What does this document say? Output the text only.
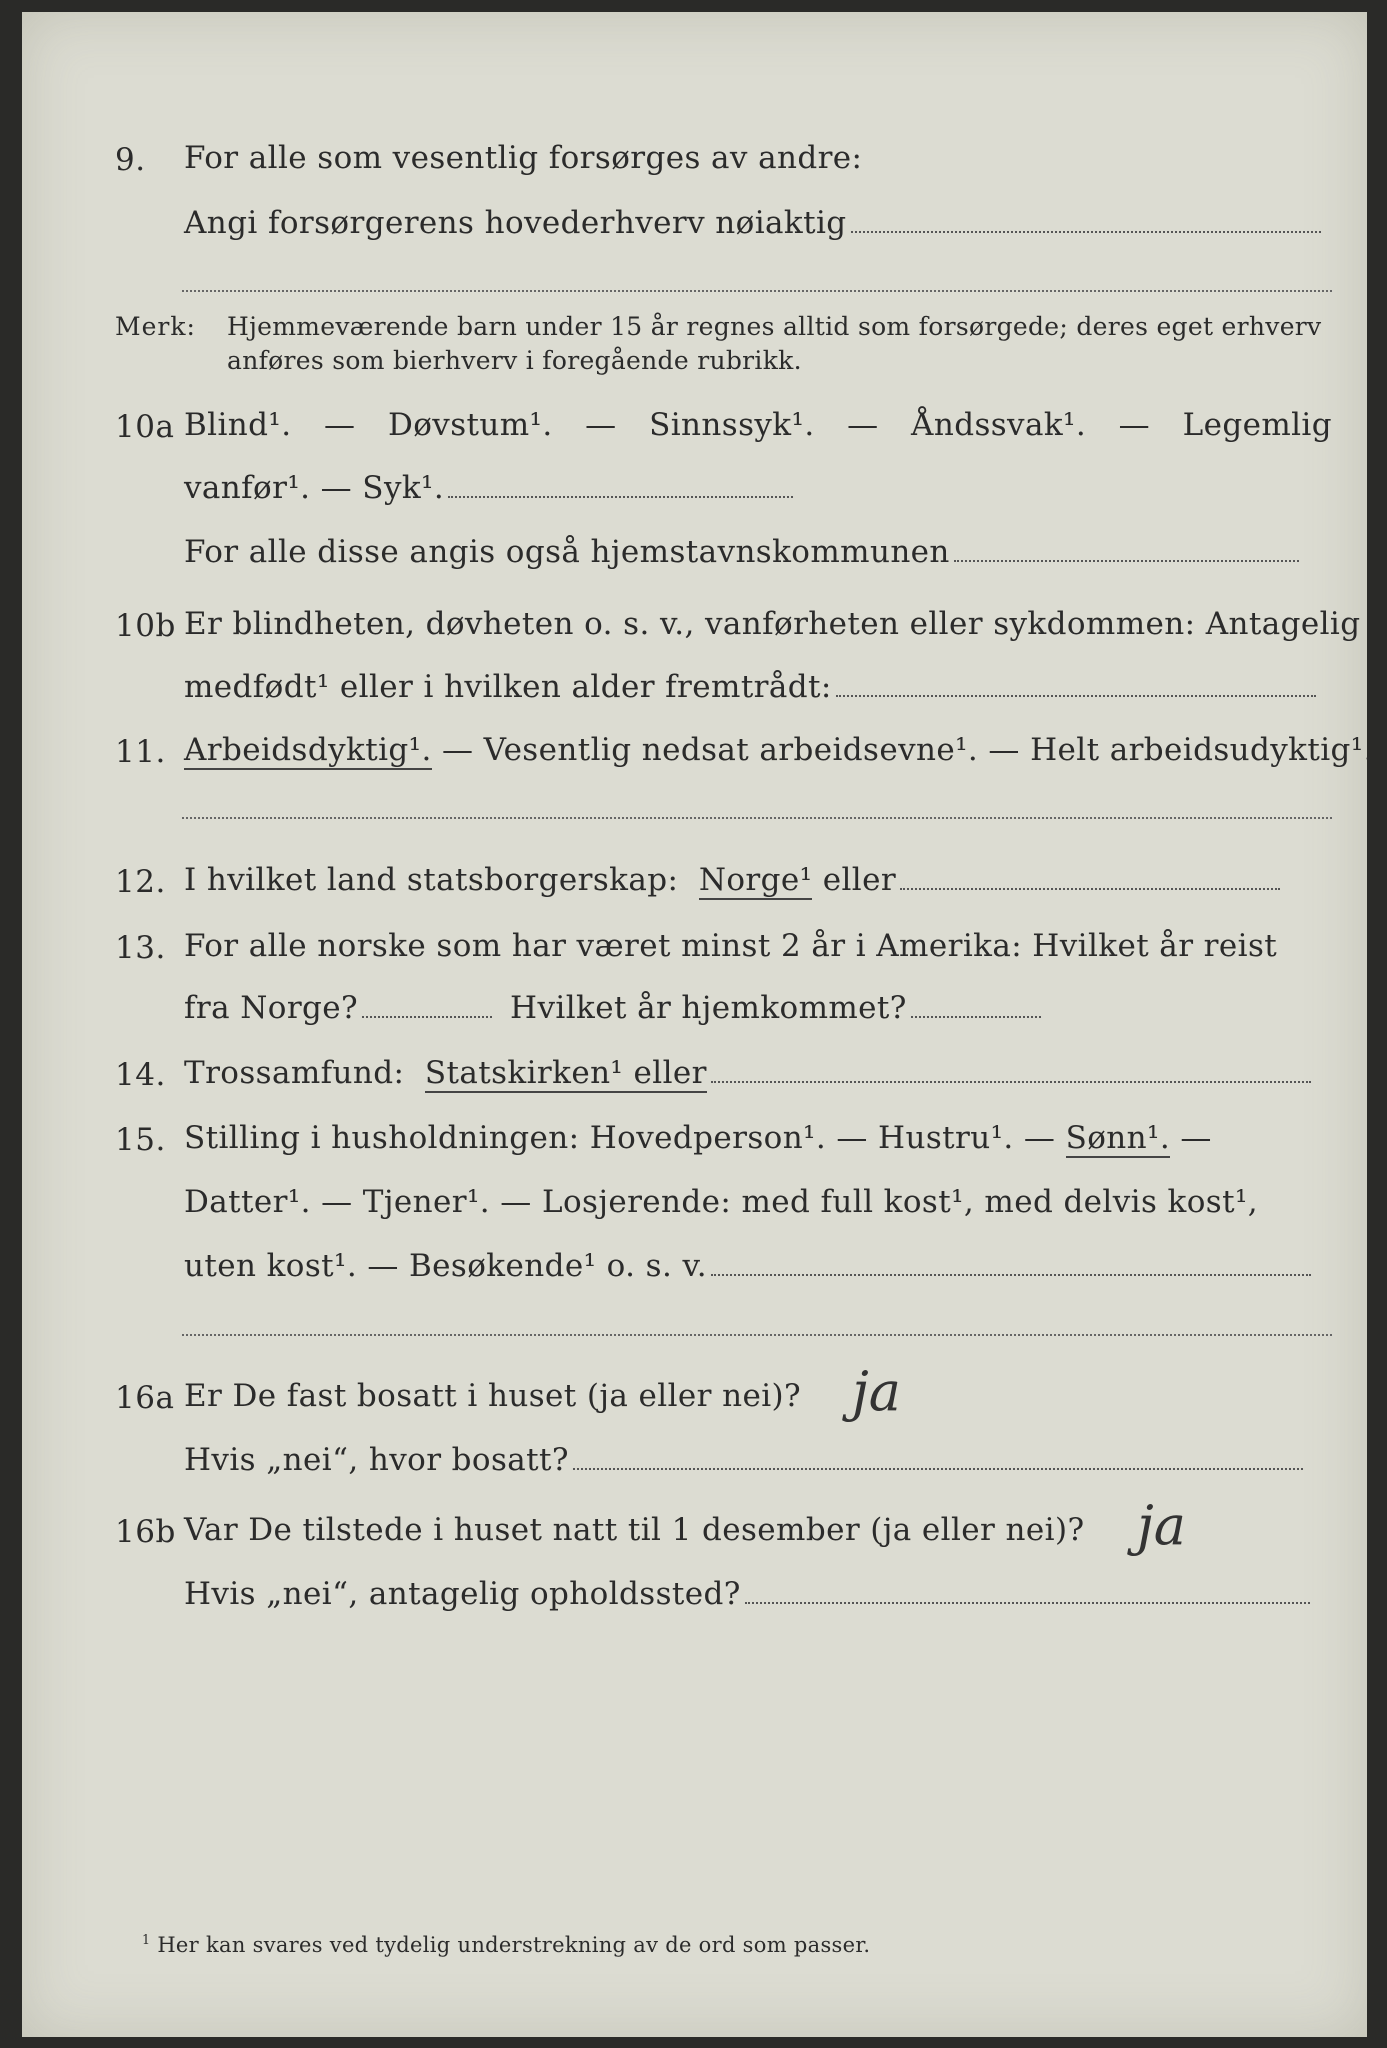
9. For alle som vesentlig forsørges av andre:
Angi forsørgerens hovederhverv nøiaktig
Merk: Hjemmeværende barn under 15 år regnes alltid som forsørgede; deres eget erhverv anføres som bierhverv i foregående rubrikk.
10a Blind¹. — Døvstum¹. — Sinnssyk¹. — Åndssvak¹. — Legemlig
vanfør¹. — Syk¹.
For alle disse angis også hjemstavnskommunen
10b Er blindheten, døvheten o. s. v., vanførheten eller sykdommen: Antagelig
medfødt¹ eller i hvilken alder fremtrådt:
11. Arbeidsdyktig¹. — Vesentlig nedsat arbeidsevne¹. — Helt arbeidsudyktig¹.
12. I hvilket land statsborgerskap: Norge¹ eller
13. For alle norske som har været minst 2 år i Amerika: Hvilket år reist
fra Norge?	Hvilket år hjemkommet?
14. Trossamfund: Statskirken¹ eller
15. Stilling i husholdningen: Hovedperson¹. — Hustru¹. — Sønn¹. —
Datter¹. — Tjener¹. — Losjerende: med full kost¹, med delvis kost¹,
uten kost¹. — Besøkende¹ o. s. v.
16a Er De fast bosatt i huset (ja eller nei)? ja
Hvis „nei“, hvor bosatt?
16b Var De tilstede i huset natt til 1 desember (ja eller nei)? ja
Hvis „nei“, antagelig opholdssted?
$^1$ Her kan svares ved tydelig understrekning av de ord som passer.
